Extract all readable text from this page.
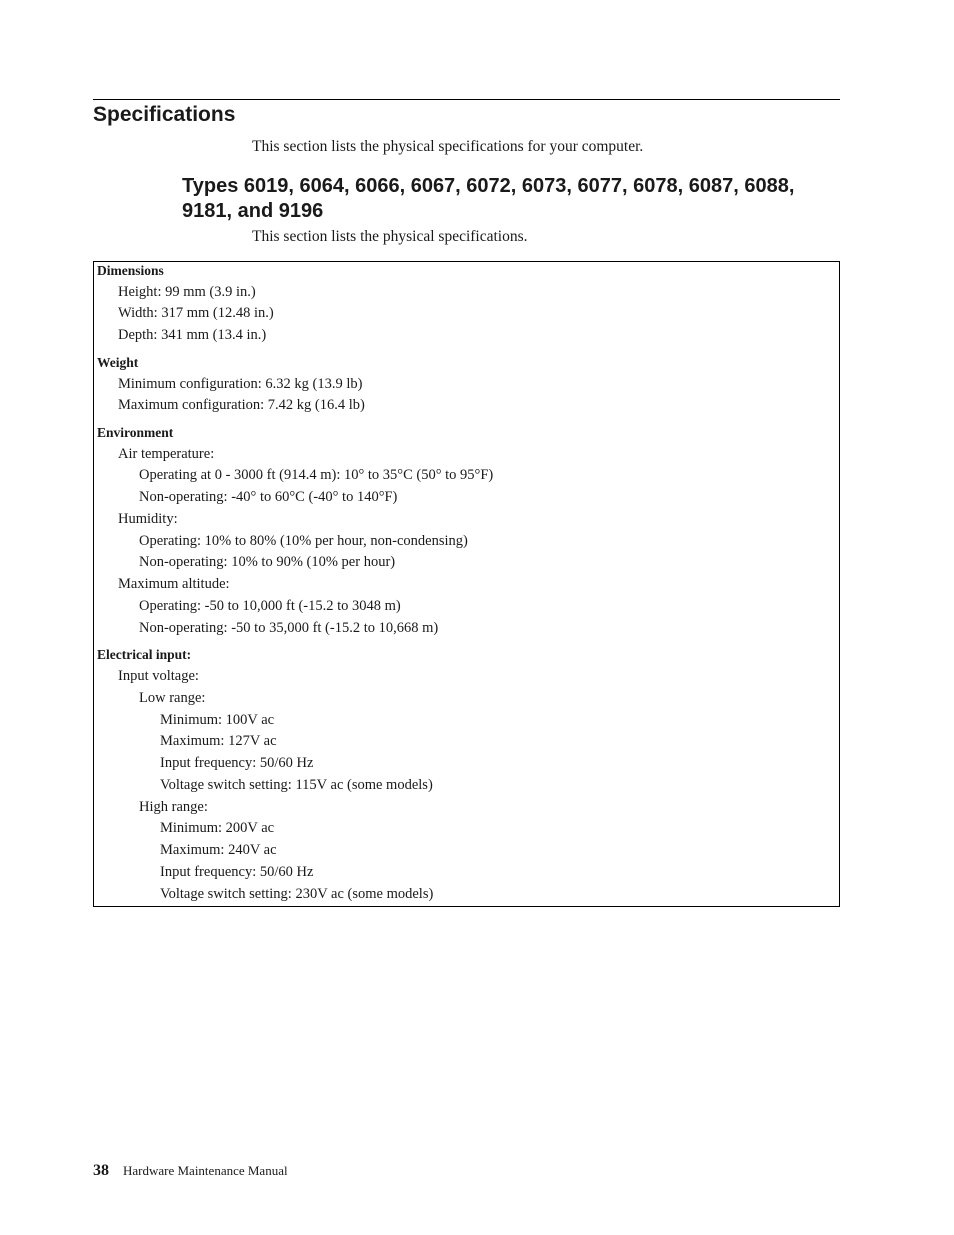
Specifications

This section lists the physical specifications for your computer.

Types 6019, 6064, 6066, 6067, 6072, 6073, 6077, 6078, 6087, 6088, 9181, and 9196

This section lists the physical specifications.

Dimensions
Height: 99 mm (3.9 in.)
Width: 317 mm (12.48 in.)
Depth: 341 mm (13.4 in.)
Weight
Minimum configuration: 6.32 kg (13.9 lb)
Maximum configuration: 7.42 kg (16.4 lb)
Environment
Air temperature:
Operating at 0 - 3000 ft (914.4 m): 10° to 35°C (50° to 95°F)
Non-operating: -40° to 60°C (-40° to 140°F)
Humidity:
Operating: 10% to 80% (10% per hour, non-condensing)
Non-operating: 10% to 90% (10% per hour)
Maximum altitude:
Operating: -50 to 10,000 ft (-15.2 to 3048 m)
Non-operating: -50 to 35,000 ft (-15.2 to 10,668 m)
Electrical input:
Input voltage:
Low range:
Minimum: 100V ac
Maximum: 127V ac
Input frequency: 50/60 Hz
Voltage switch setting: 115V ac (some models)
High range:
Minimum: 200V ac
Maximum: 240V ac
Input frequency: 50/60 Hz
Voltage switch setting: 230V ac (some models)
38 Hardware Maintenance Manual
